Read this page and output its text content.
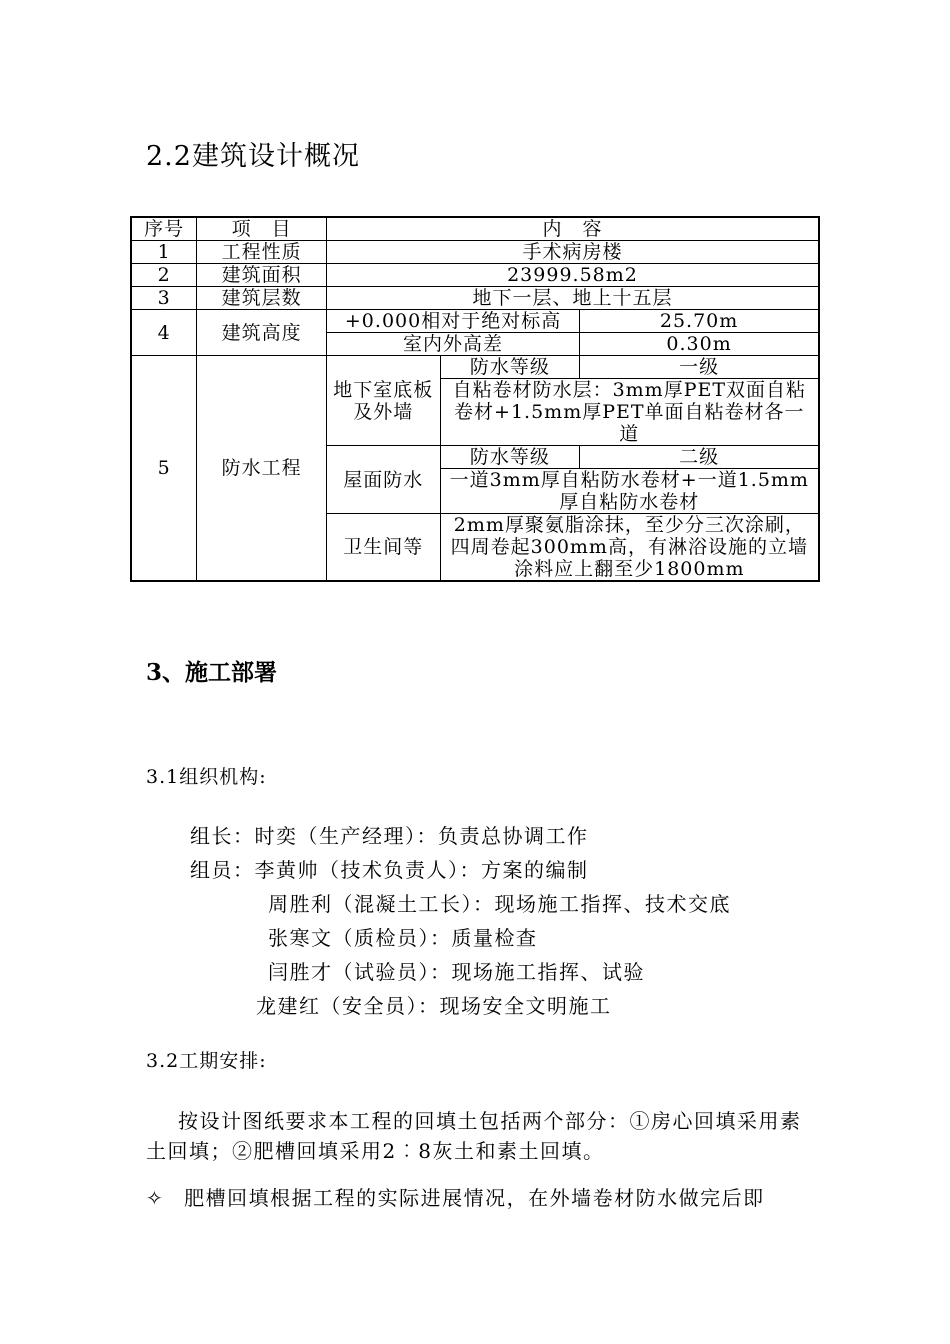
2.2建筑设计概况
序号	项　目	内　容		
1	工程性质	手术病房楼		
2	建筑面积	23999.58m2		
3	建筑层数	地下一层、地上十五层		
4	建筑高度	+0.000相对于绝对标高		25.70m
		室内外高差		0.30m
5	防水工程	地下室底板及外墙	防水等级	一级
			自粘卷材防水层：3mm厚PET双面自粘卷材+1.5mm厚PET单面自粘卷材各一道	
		屋面防水	防水等级	二级
			一道3mm厚自粘防水卷材+一道1.5mm厚自粘防水卷材	
		卫生间等	2mm厚聚氨脂涂抹，至少分三次涂刷，四周卷起300mm高，有淋浴设施的立墙涂料应上翻至少1800mm	

3、施工部署
3.1组织机构:
组长：时奕（生产经理）：负责总协调工作
组员：李黄帅（技术负责人）：方案的编制
周胜利（混凝土工长）：现场施工指挥、技术交底
张寒文（质检员）：质量检查
闫胜才（试验员）：现场施工指挥、试验
龙建红（安全员）：现场安全文明施工
3.2工期安排:
按设计图纸要求本工程的回填土包括两个部分：①房心回填采用素土回填；②肥槽回填采用2︰8灰土和素土回填。
✧ 肥槽回填根据工程的实际进展情况，在外墙卷材防水做完后即
